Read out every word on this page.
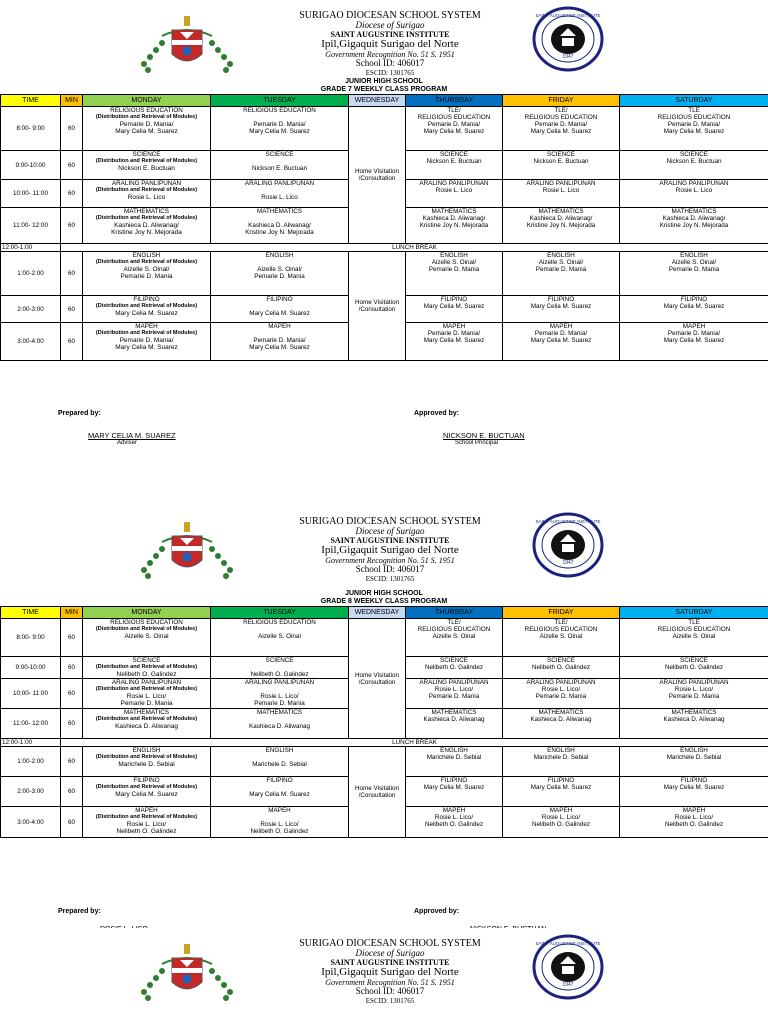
SURIGAO DIOCESAN SCHOOL SYSTEM
Diocese of Surigao
SAINT AUGUSTINE INSTITUTE
Ipil,Gigaquit Surigao del Norte
Government Recognition No. 51 S. 1951
School ID: 406017
ESCID: 1301765
1947
SAINT AUGUSTINE INSTITUTE
JUNIOR HIGH SCHOOL
GRADE 7 WEEKLY CLASS PROGRAM
TIME	MIN	MONDAY	TUESDAY	WEDNESDAY	THURSDAY	FRIDAY	SATURDAY
8:00- 9:00	60	RELIGIOUS EDUCATION
(Distribution and Retrieval of Modules)
Pemarie D. Mania/
Mary Celia M. Suarez	RELIGIOUS EDUCATION
Pemarie D. Mania/
Mary Celia M. Suarez	Home Visitation /Consultation	TLE/
RELIGIOUS EDUCATION
Pemarie D. Mania/
Mary Celia M. Suarez	TLE/
RELIGIOUS EDUCATION
Pemarie D. Mania/
Mary Celia M. Suarez	TLE
RELIGIOUS EDUCATION
Pemarie D. Mania/
Mary Celia M. Suarez

9:00-10:00	60	SCIENCE
(Distribution and Retrieval of Modules)
Nickson E. Buctuan	SCIENCE
Nickson E. Buctuan		SCIENCE
Nickson E. Buctuan	SCIENCE
Nickson E. Buctuan	SCIENCE
Nickson E. Buctuan

10:00- 11:00	60	ARALING PANLIPUNAN
(Distribution and Retrieval of Modules)
Rosie L. Lico	ARALING PANLIPUNAN
Rosie L. Lico		ARALING PANLIPUNAN
Rosie L. Lico	ARALING PANLIPUNAN
Rosie L. Lico	ARALING PANLIPUNAN
Rosie L. Lico

11:00- 12:00	60	MATHEMATICS
(Distribution and Retrieval of Modules)
Kashieca D. Aliwanag/
Kristine Joy N. Mejorada	MATHEMATICS
Kashieca D. Aliwanag/
Kristine Joy N. Mejorada		MATHEMATICS
Kashieca D. Aliwanag/
Kristine Joy N. Mejorada	MATHEMATICS
Kashieca D. Aliwanag/
Kristine Joy N. Mejorada	MATHEMATICS
Kashieca D. Aliwanag/
Kristine Joy N. Mejorada

12:00-1:00	LUNCH BREAK						
1:00-2:00	60	ENGLISH
(Distribution and Retrieval of Modules)
Aizelle S. Oinal/
Pemarie D. Mania	ENGLISH
Aizelle S. Oinal/
Pemarie D. Mania	Home Visitation /Consultation	ENGLISH
Aizelle S. Oinal/
Pemarie D. Mania	ENGLISH
Aizelle S. Oinal/
Pemarie D. Mania	ENGLISH
Aizelle S. Oinal/
Pemarie D. Mania

2:00-3:00	60	FILIPINO
(Distribution and Retrieval of Modules)
Mary Celia M. Suarez	FILIPINO
Mary Celia M. Suarez		FILIPINO
Mary Celia M. Suarez	FILIPINO
Mary Celia M. Suarez	FILIPINO
Mary Celia M. Suarez

3:00-4:00	60	MAPEH
(Distribution and Retrieval of Modules)
Pemarie D. Mania/
Mary Celia M. Suarez	MAPEH
Pemarie D. Mania/
Mary Celia M. Suarez		MAPEH
Pemarie D. Mania/
Mary Celia M. Suarez	MAPEH
Pemarie D. Mania/
Mary Celia M. Suarez	MAPEH
Pemarie D. Mania/
Mary Celia M. Suarez
Prepared by:	Approved by:
MARY CELIA M. SUAREZ
Adviser
NICKSON E. BUCTUAN
School Principal
SURIGAO DIOCESAN SCHOOL SYSTEM
Diocese of Surigao
SAINT AUGUSTINE INSTITUTE
Ipil,Gigaquit Surigao del Norte
Government Recognition No. 51 S. 1951
School ID: 406017
ESCID: 1301765
1947
SAINT AUGUSTINE INSTITUTE
JUNIOR HIGH SCHOOL
GRADE 8 WEEKLY CLASS PROGRAM
TIME	MIN	MONDAY	TUESDAY	WEDNESDAY	THURSDAY	FRIDAY	SATURDAY
8:00- 9:00	60	RELIGIOUS EDUCATION
(Distribution and Retrieval of Modules)
Aizelle S. Oinal	RELIGIOUS EDUCATION
Aizelle S. Oinal	Home Visitation /Consultation	TLE/
RELIGIOUS EDUCATION
Aizelle S. Oinal	TLE/
RELIGIOUS EDUCATION
Aizelle S. Oinal	TLE
RELIGIOUS EDUCATION
Aizelle S. Oinal

9:00-10:00	60	SCIENCE
(Distribution and Retrieval of Modules)
Nelibeth O. Galindez	SCIENCE
Nelibeth O. Galindez		SCIENCE
Nelibeth O. Galindez	SCIENCE
Nelibeth O. Galindez	SCIENCE
Nelibeth O. Galindez

10:00- 11:00	60	ARALING PANLIPUNAN
(Distribution and Retrieval of Modules)
Rosie L. Lico/
Pemarie D. Mania	ARALING PANLIPUNAN
Rosie L. Lico/
Pemarie D. Mania		ARALING PANLIPUNAN
Rosie L. Lico/
Pemarie D. Mania	ARALING PANLIPUNAN
Rosie L. Lico/
Pemarie D. Mania	ARALING PANLIPUNAN
Rosie L. Lico/
Pemarie D. Mania

11:00- 12:00	60	MATHEMATICS
(Distribution and Retrieval of Modules)
Kashieca D. Aliwanag	MATHEMATICS
Kashieca D. Aliwanag		MATHEMATICS
Kashieca D. Aliwanag	MATHEMATICS
Kashieca D. Aliwanag	MATHEMATICS
Kashieca D. Aliwanag

12:00-1:00	LUNCH BREAK						
1:00-2:00	60	ENGLISH
(Distribution and Retrieval of Modules)
Marichele D. Sebial	ENGLISH
Marichele D. Sebial	Home Visitation /Consultation	ENGLISH
Marichele D. Sebial	ENGLISH
Marichele D. Sebial	ENGLISH
Marichele D. Sebial

2:00-3:00	60	FILIPINO
(Distribution and Retrieval of Modules)
Mary Celia M. Suarez	FILIPINO
Mary Celia M. Suarez		FILIPINO
Mary Celia M. Suarez	FILIPINO
Mary Celia M. Suarez	FILIPINO
Mary Celia M. Suarez

3:00-4:00	60	MAPEH
(Distribution and Retrieval of Modules)
Rosie L. Lico/
Nelibeth O. Galindez	MAPEH
Rosie L. Lico/
Nelibeth O. Galindez		MAPEH
Rosie L. Lico/
Nelibeth O. Galindez	MAPEH
Rosie L. Lico/
Nelibeth O. Galindez	MAPEH
Rosie L. Lico/
Nelibeth O. Galindez
Prepared by:	Approved by:
SURIGAO DIOCESAN SCHOOL SYSTEM
Diocese of Surigao
SAINT AUGUSTINE INSTITUTE
Ipil,Gigaquit Surigao del Norte
Government Recognition No. 51 S. 1951
School ID: 406017
ESCID: 1301765
1947
SAINT AUGUSTINE INSTITUTE
